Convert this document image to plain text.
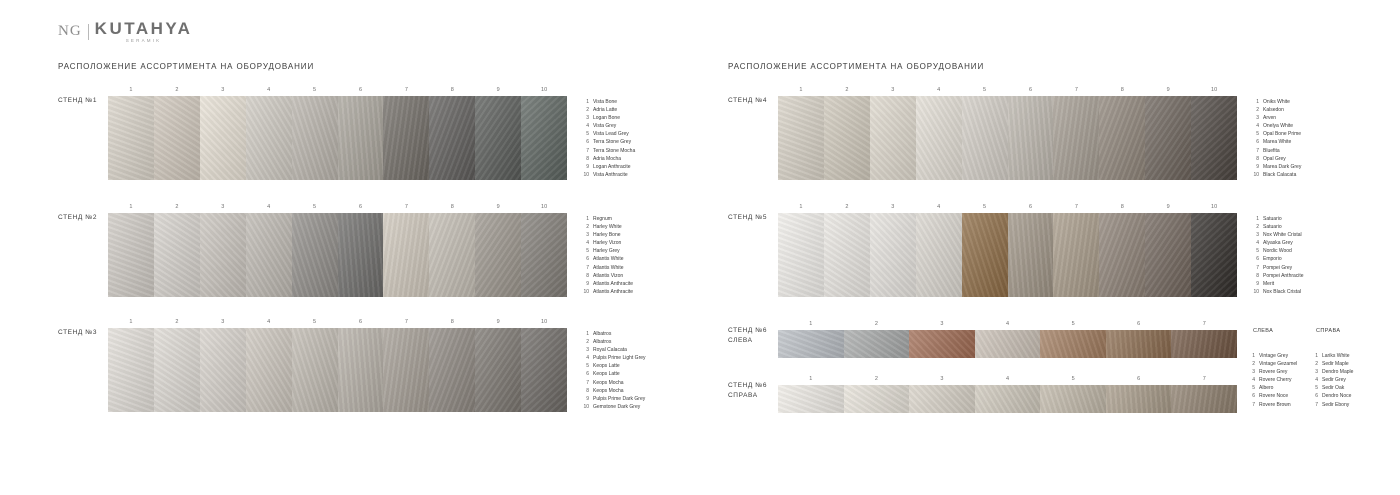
NG KUTAHYA
SERAMIK
РАСПОЛОЖЕНИЕ АССОРТИМЕНТА НА ОБОРУДОВАНИИ	РАСПОЛОЖЕНИЕ АССОРТИМЕНТА НА ОБОРУДОВАНИИ
СТЕНД №1
1	2	3	4	5	6	7	8	9	10
1 Vista Bone
2 Adria Latte
3 Logan Bone
4 Vista Grey
5 Vista Lead Grey
6 Terra Stone Grey
7 Terra Stone Mocha
8 Adria Mocha
9 Logan Anthracite
10 Vista Anthracite
СТЕНД №2
1	2	3	4	5	6	7	8	9	10
1 Regnum
2 Harley White
3 Harley Bone
4 Harley Vizon
5 Harley Grey
6 Atlantis White
7 Atlantis White
8 Atlantis Vizon
9 Atlantis Anthracite
10 Atlantis Anthracite
СТЕНД №3
1	2	3	4	5	6	7	8	9	10
1 Albatros
2 Albatros
3 Royal Calacata
4 Pulpis Prime Light Grey
5 Keops Latte
6 Keops Latte
7 Keops Mocha
8 Keops Mocha
9 Pulpis Prime Dark Grey
10 Gemstone Dark Grey
СТЕНД №4
1	2	3	4	5	6	7	8	9	10
1 Oniks White
2 Kalsedon
3 Arven
4 Onelya White
5 Opal Bone Prime
6 Marea White
7 Bluefita
8 Opal Grey
9 Marea Dark Grey
10 Black Calacata
СТЕНД №5
1	2	3	4	5	6	7	8	9	10
1 Satuario
2 Satuario
3 Nox White Cristal
4 Alyaska Grey
5 Nordic Wood
6 Emporio
7 Pompei Grey
8 Pompei Anthracite
9 Merit
10 Nox Black Cristal
СТЕНД №6
СЛЕВА
1	2	3	4	5	6	7
СТЕНД №6
СПРАВА
1	2	3	4	5	6	7
СЛЕВА	СПРАВА
1 Vintage Grey
2 Vintage Gezamel
3 Rovere Grey
4 Rovere Cherry
5 Albero
6 Rovere Noce
7 Rovere Brown
1 Lariks White
2 Sedir Maple
3 Dendro Maple
4 Sedir Grey
5 Sedir Oak
6 Dendro Noce
7 Sedir Ebony
